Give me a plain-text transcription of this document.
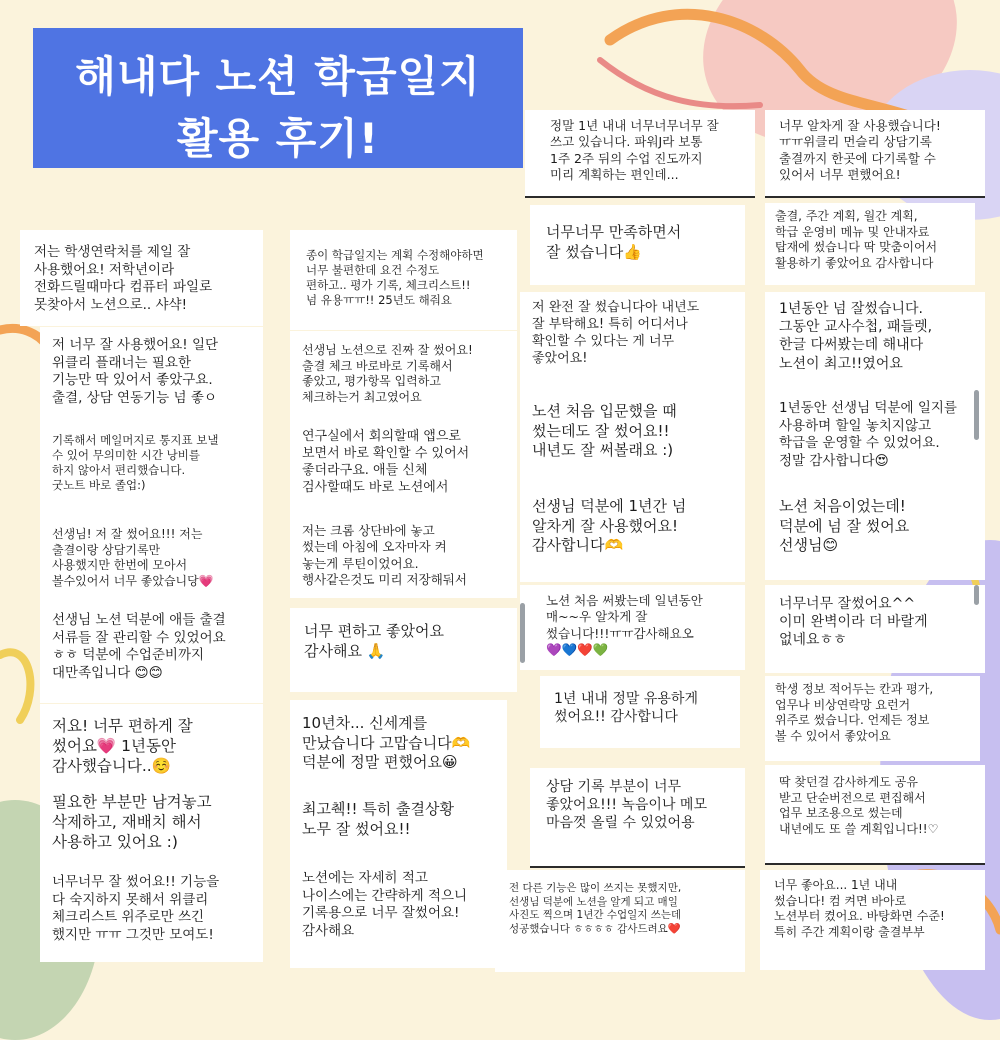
해내다 노션 학급일지
활용 후기!
저는 학생연락처를 제일 잘
사용했어요! 저학년이라
전화드릴때마다 컴퓨터 파일로
못찾아서 노션으로.. 샤샥!
저 너무 잘 사용했어요! 일단
위클리 플래너는 필요한
기능만 딱 있어서 좋았구요.
출결, 상담 연동기능 넘 좋ㅇ
기록해서 메일머지로 통지표 보낼
수 있어 무의미한 시간 낭비를
하지 않아서 편리했습니다.
굿노트 바로 졸업:)
선생님! 저 잘 썼어요!!! 저는
출결이랑 상담기록만
사용했지만 한번에 모아서
볼수있어서 너무 좋았습니당💗
선생님 노션 덕분에 애들 출결
서류들 잘 관리할 수 있었어요
ㅎㅎ 덕분에 수업준비까지
대만족입니다 😊😊
저요! 너무 편하게 잘
썼어요💗 1년동안
감사했습니다..☺️
필요한 부분만 남겨놓고
삭제하고, 재배치 해서
사용하고 있어요 :)
너무너무 잘 썼어요!! 기능을
다 숙지하지 못해서 위클리
체크리스트 위주로만 쓰긴
했지만 ㅠㅠ 그것만 모여도!
종이 학급일지는 계획 수정해야하면
너무 불편한데 요건 수정도
편하고.. 평가 기록, 체크리스트!!
넘 유용ㅠㅠ!! 25년도 해줘요
선생님 노션으로 진짜 잘 썼어요!
출결 체크 바로바로 기록해서
좋았고, 평가항목 입력하고
체크하는거 최고였어요
연구실에서 회의할때 앱으로
보면서 바로 확인할 수 있어서
좋더라구요. 애들 신체
검사할때도 바로 노션에서
저는 크롬 상단바에 놓고
썼는데 아침에 오자마자 켜
놓는게 루틴이었어요.
행사같은것도 미리 저장해둬서
너무 편하고 좋았어요
감사해요 🙏
10년차... 신세계를
만났습니다 고맙습니다🫶
덕분에 정말 편했어요😀
최고췍!! 특히 출결상황
노무 잘 썼어요!!
노션에는 자세히 적고
나이스에는 간략하게 적으니
기록용으로 너무 잘썼어요!
감사해요
정말 1년 내내 너무너무너무 잘
쓰고 있습니다. 파워J라 보통
1주 2주 뒤의 수업 진도까지
미리 계획하는 편인데...
너무너무 만족하면서
잘 썼습니다👍
저 완전 잘 썼습니다아 내년도
잘 부탁해요! 특히 어디서나
확인할 수 있다는 게 너무
좋았어요!
노션 처음 입문했을 때
썼는데도 잘 썼어요!!
내년도 잘 써볼래요 :)
선생님 덕분에 1년간 넘
알차게 잘 사용했어요!
감사합니다🫶
노션 처음 써봤는데 일년동안
매~~우 알차게 잘
썼습니다!!!ㅠㅠ감사해요오
💜💙❤️💚
1년 내내 정말 유용하게
썼어요!! 감사합니다
상담 기록 부분이 너무
좋았어요!!! 녹음이나 메모
마음껏 올릴 수 있었어용
전 다른 기능은 많이 쓰지는 못했지만,
선생님 덕분에 노션을 알게 되고 매일
사진도 찍으며 1년간 수업일지 쓰는데
성공했습니다 ㅎㅎㅎㅎ 감사드려요❤️
너무 알차게 잘 사용했습니다!
ㅠㅠ위클리 먼슬리 상담기록
출결까지 한곳에 다기록할 수
있어서 너무 편했어요!
출결, 주간 계획, 월간 계획,
학급 운영비 메뉴 및 안내자료
탑재에 썼습니다 딱 맞춤이어서
활용하기 좋았어요 감사합니다
1년동안 넘 잘썼습니다.
그동안 교사수첩, 패들렛,
한글 다써봤는데 해내다
노션이 최고!!였어요
1년동안 선생님 덕분에 일지를
사용하며 할일 놓치지않고
학급을 운영할 수 있었어요.
정말 감사합니다😍
노션 처음이었는데!
덕분에 넘 잘 썼어요
선생님😊
너무너무 잘썼어요^^
이미 완벽이라 더 바랄게
없네요ㅎㅎ
학생 정보 적어두는 칸과 평가,
업무나 비상연락망 요런거
위주로 썼습니다. 언제든 정보
볼 수 있어서 좋았어요
딱 찾던걸 감사하게도 공유
받고 단순버전으로 편집해서
업무 보조용으로 썼는데
내년에도 또 쓸 계획입니다!!♡
너무 좋아요... 1년 내내
썼습니다! 컴 켜면 바아로
노션부터 켰어요. 바탕화면 수준!
특히 주간 계획이랑 출결부부
